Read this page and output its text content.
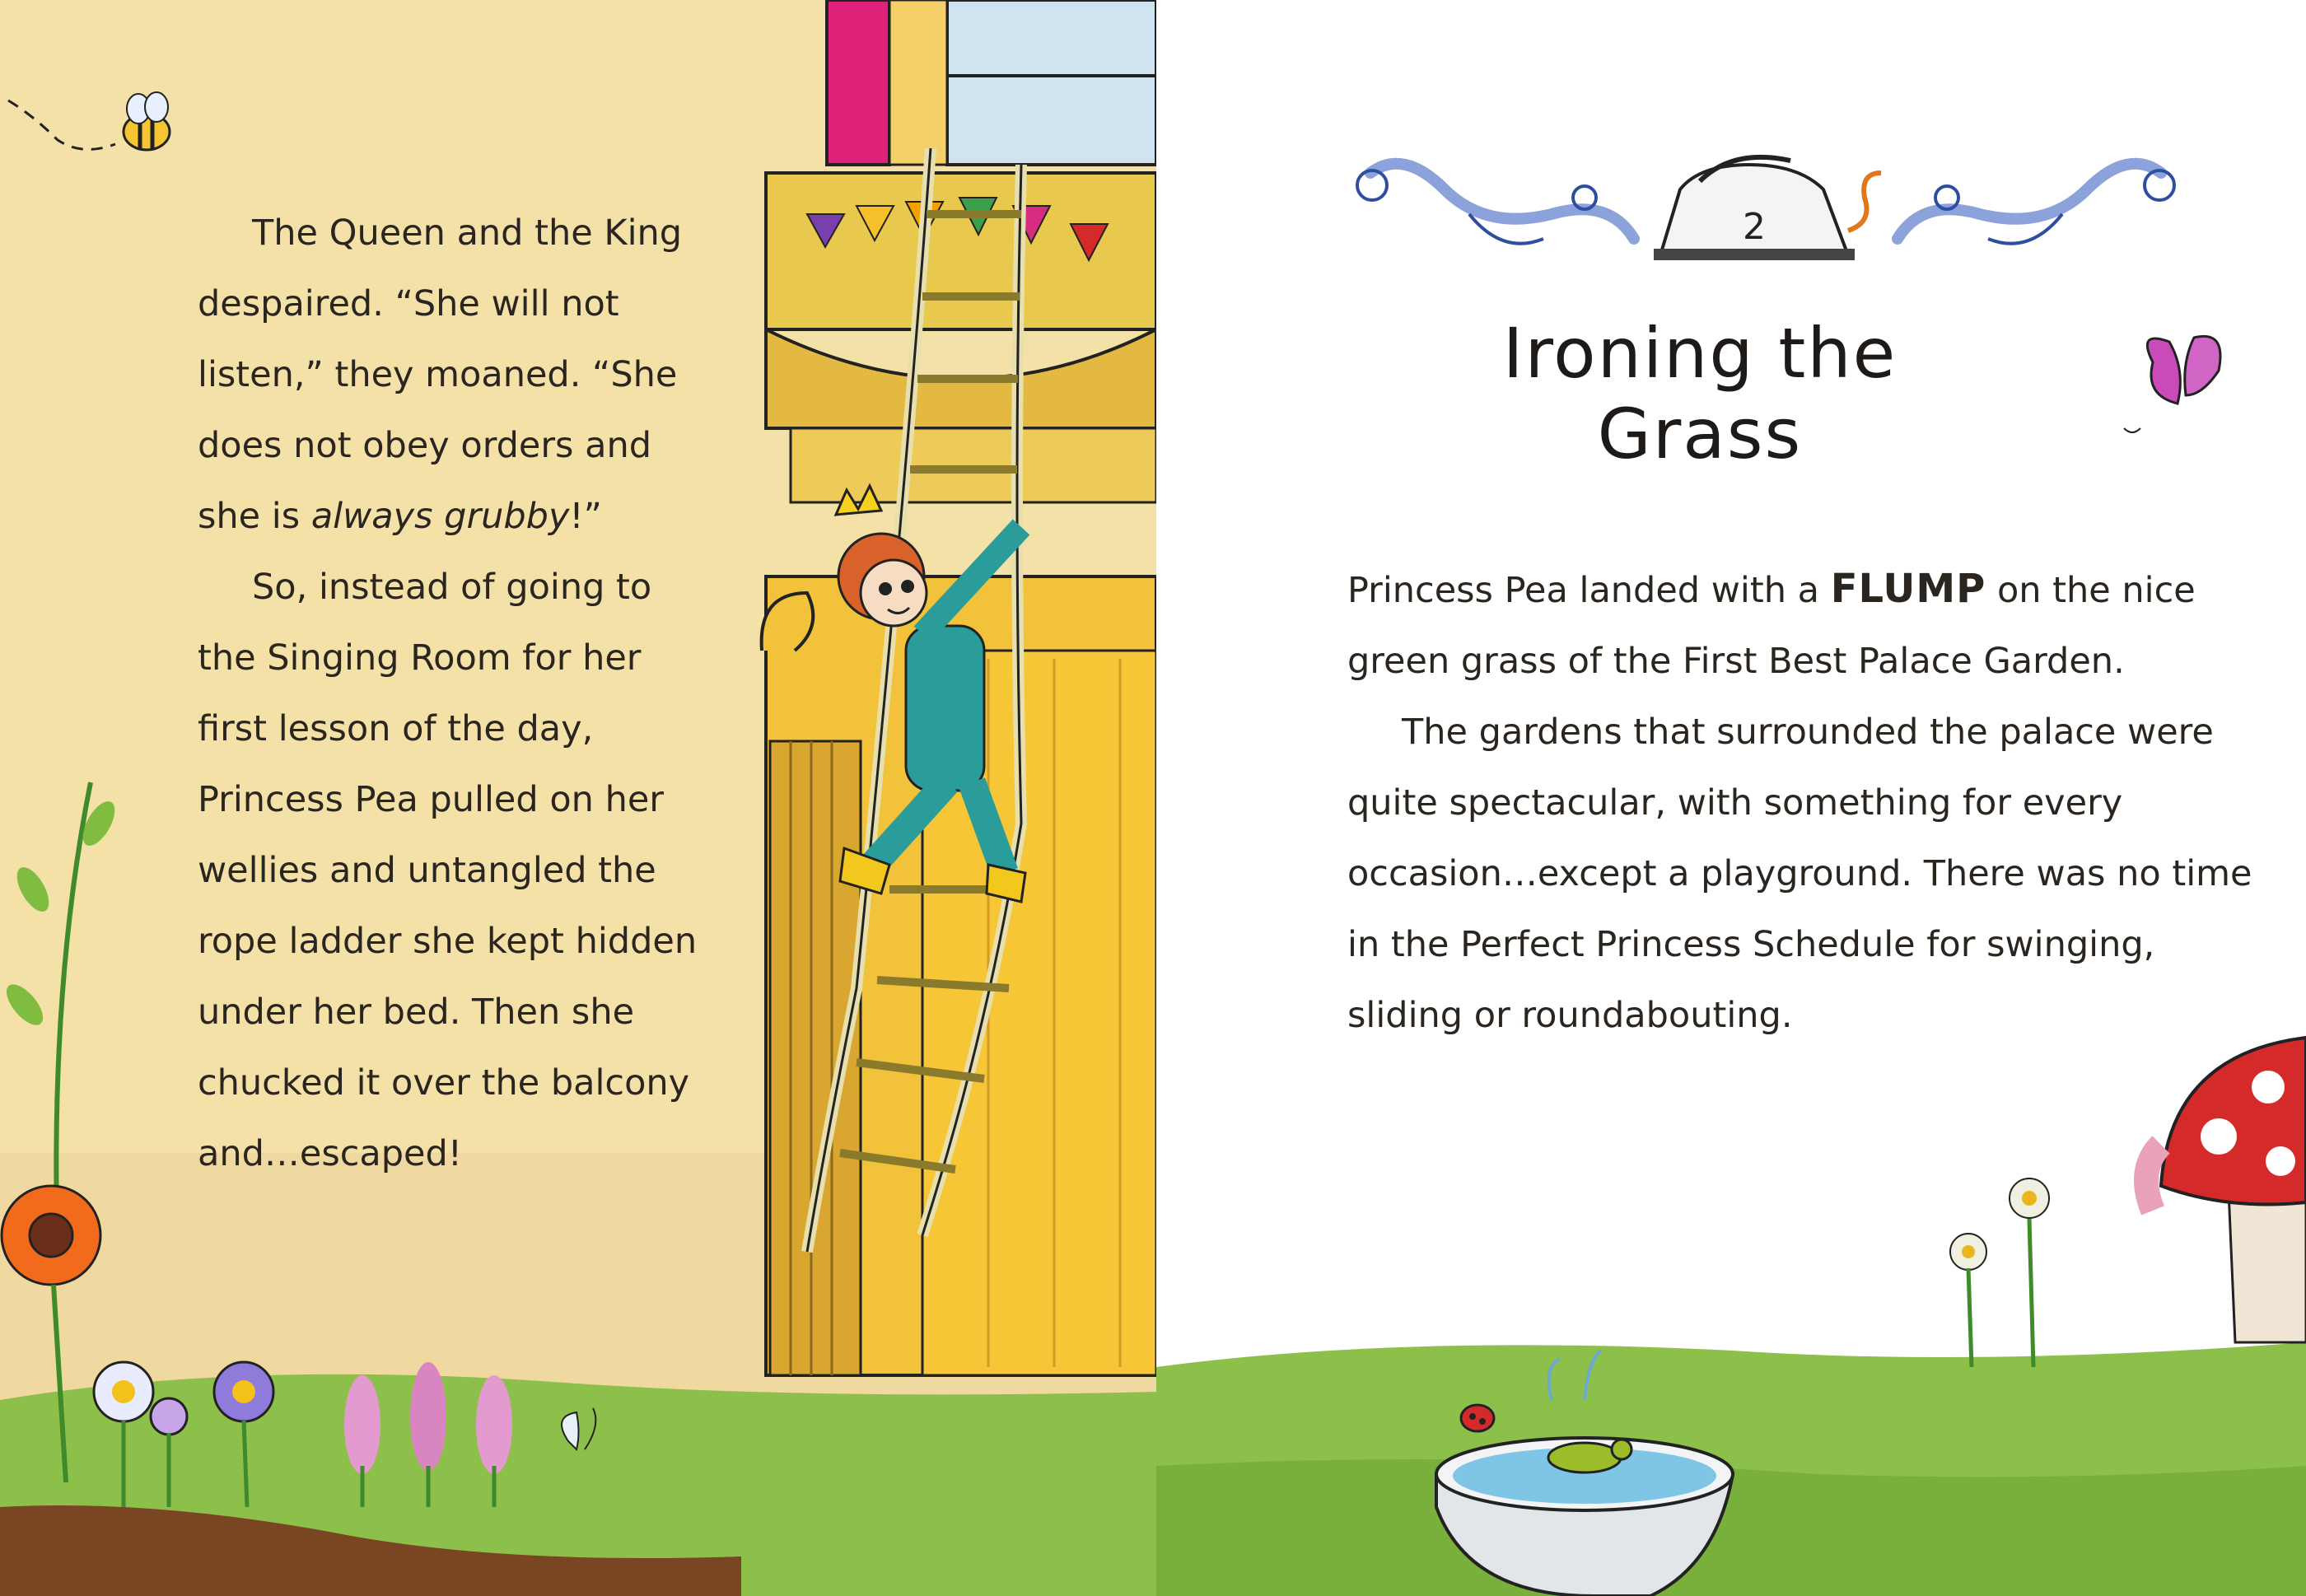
The Queen and the King despaired. “She will not listen,” they moaned. “She does not obey orders and she is always grubby!”

So, instead of going to the Singing Room for her first lesson of the day, Princess Pea pulled on her wellies and untangled the rope ladder she kept hidden under her bed. Then she chucked it over the balcony and…escaped!

2
Ironing the Grass

Princess Pea landed with a FLUMP on the nice green grass of the First Best Palace Garden.

The gardens that surrounded the palace were quite spectacular, with something for every occasion…except a playground. There was no time in the Perfect Princess Schedule for swinging, sliding or roundabouting.
